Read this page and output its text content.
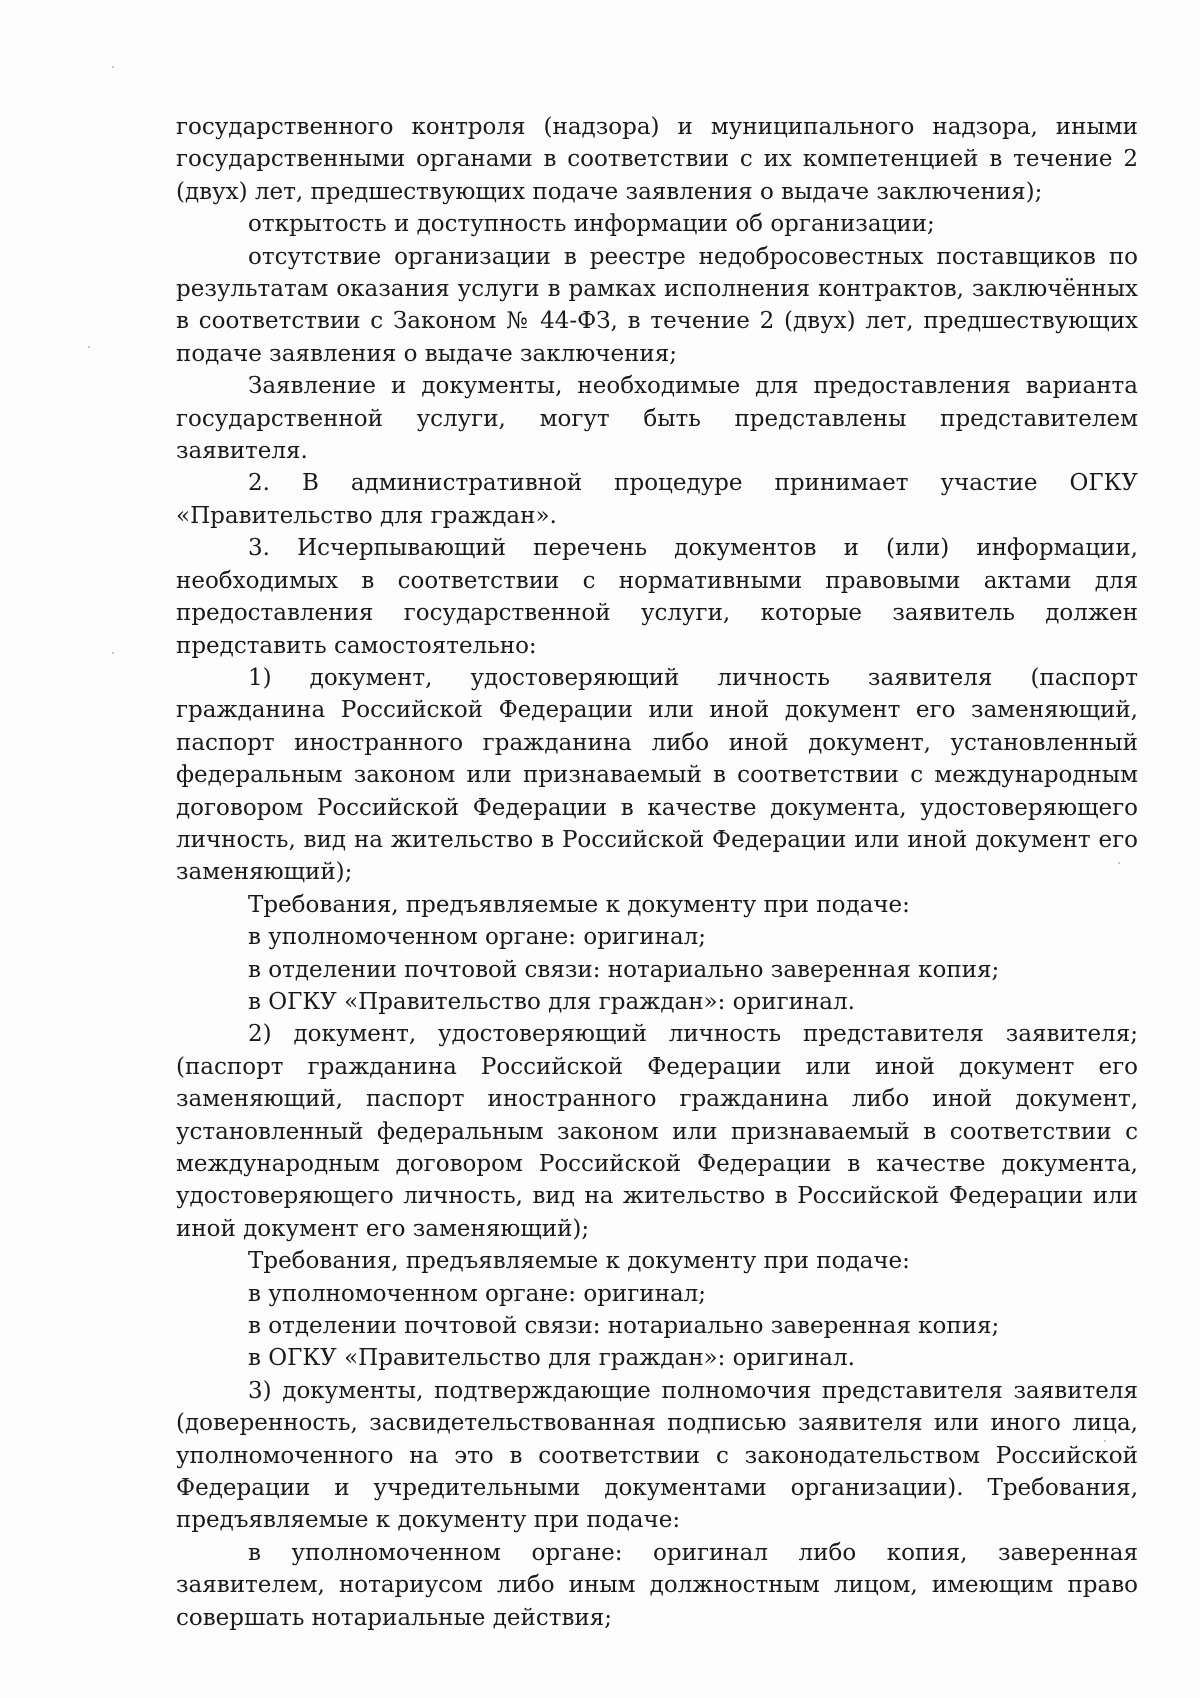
государственного контроля (надзора) и муниципального надзора, иными государственными органами в соответствии с их компетенцией в течение 2 (двух) лет, предшествующих подаче заявления о выдаче заключения);

открытость и доступность информации об организации;

отсутствие организации в реестре недобросовестных поставщиков по результатам оказания услуги в рамках исполнения контрактов, заключённых в соответствии с Законом № 44-ФЗ, в течение 2 (двух) лет, предшествующих подаче заявления о выдаче заключения;

Заявление и документы, необходимые для предоставления варианта государственной услуги, могут быть представлены представителем заявителя.

2. В административной процедуре принимает участие ОГКУ «Правительство для граждан».

3. Исчерпывающий перечень документов и (или) информации, необходимых в соответствии с нормативными правовыми актами для предоставления государственной услуги, которые заявитель должен представить самостоятельно:

1) документ, удостоверяющий личность заявителя (паспорт гражданина Российской Федерации или иной документ его заменяющий, паспорт иностранного гражданина либо иной документ, установленный федеральным законом или признаваемый в соответствии с международным договором Российской Федерации в качестве документа, удостоверяющего личность, вид на жительство в Российской Федерации или иной документ его заменяющий);

Требования, предъявляемые к документу при подаче:

в уполномоченном органе: оригинал;

в отделении почтовой связи: нотариально заверенная копия;

в ОГКУ «Правительство для граждан»: оригинал.

2) документ, удостоверяющий личность представителя заявителя; (паспорт гражданина Российской Федерации или иной документ его заменяющий, паспорт иностранного гражданина либо иной документ, установленный федеральным законом или признаваемый в соответствии с международным договором Российской Федерации в качестве документа, удостоверяющего личность, вид на жительство в Российской Федерации или иной документ его заменяющий);

Требования, предъявляемые к документу при подаче:

в уполномоченном органе: оригинал;

в отделении почтовой связи: нотариально заверенная копия;

в ОГКУ «Правительство для граждан»: оригинал.

3) документы, подтверждающие полномочия представителя заявителя (доверенность, засвидетельствованная подписью заявителя или иного лица, уполномоченного на это в соответствии с законодательством Российской Федерации и учредительными документами организации). Требования, предъявляемые к документу при подаче:

в уполномоченном органе: оригинал либо копия, заверенная заявителем, нотариусом либо иным должностным лицом, имеющим право совершать нотариальные действия;
